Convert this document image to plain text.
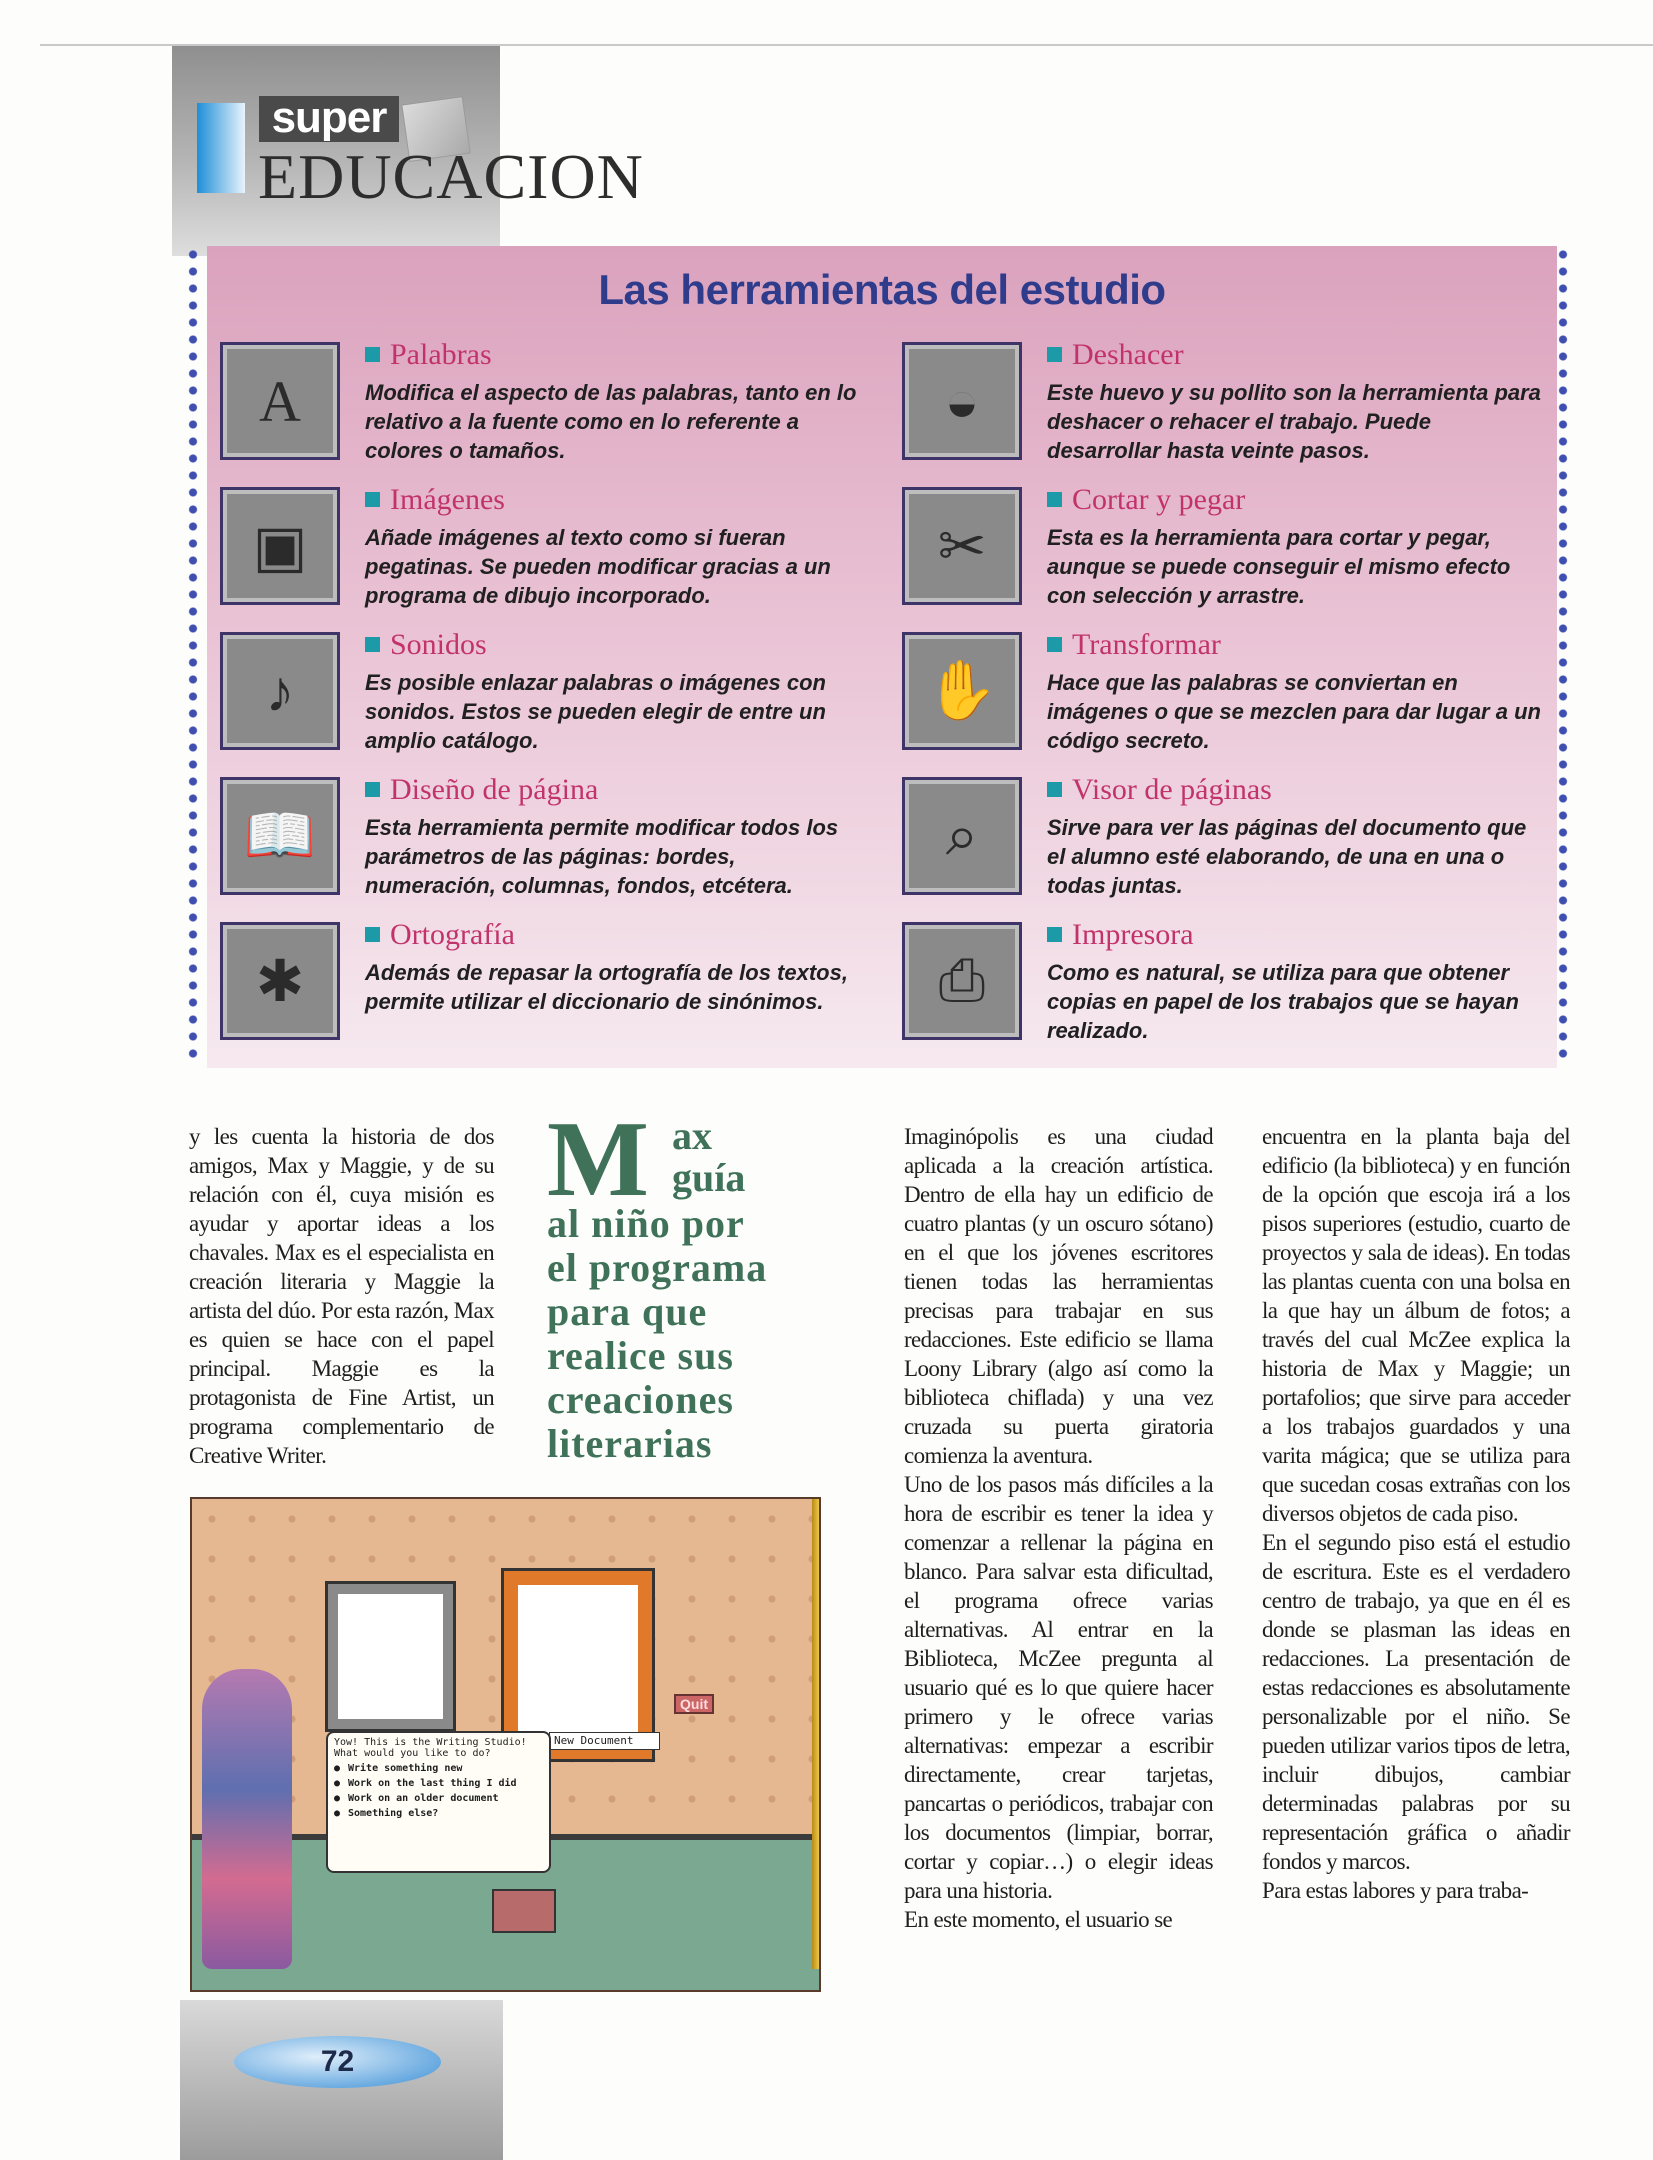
super
EDUCACION
Las herramientas del estudio
A
Palabras
Modifica el aspecto de las palabras, tanto en lo relativo a la fuente como en lo referente a colores o tamaños.
▣
Imágenes
Añade imágenes al texto como si fueran pegatinas. Se pueden modificar gracias a un programa de dibujo incorporado.
♪
Sonidos
Es posible enlazar palabras o imágenes con sonidos. Estos se pueden elegir de entre un amplio catálogo.
📖
Diseño de página
Esta herramienta permite modificar todos los parámetros de las páginas: bordes, numeración, columnas, fondos, etcétera.
✱
Ortografía
Además de repasar la ortografía de los textos, permite utilizar el diccionario de sinónimos.
◒
Deshacer
Este huevo y su pollito son la herramienta para deshacer o rehacer el trabajo. Puede desarrollar hasta veinte pasos.
✂
Cortar y pegar
Esta es la herramienta para cortar y pegar, aunque se puede conseguir el mismo efecto con selección y arrastre.
✋
Transformar
Hace que las palabras se conviertan en imágenes o que se mezclen para dar lugar a un código secreto.
⌕
Visor de páginas
Sirve para ver las páginas del documento que el alumno esté elaborando, de una en una o todas juntas.
⎙
Impresora
Como es natural, se utiliza para que obtener copias en papel de los trabajos que se hayan realizado.

y les cuenta la historia de dos amigos, Max y Maggie, y de su relación con él, cuya misión es ayudar y aportar ideas a los chavales. Max es el especialista en creación literaria y Maggie la artista del dúo. Por esta razón, Max es quien se hace con el papel principal. Maggie es la protagonista de Fine Artist, un programa complementario de Creative Writer.

M ax
guía
al niño por
el programa
para que
realice sus
creaciones
literarias

Imaginópolis es una ciudad aplicada a la creación artística. Dentro de ella hay un edificio de cuatro plantas (y un oscuro sótano) en el que los jóvenes escritores tienen todas las herramientas precisas para trabajar en sus redacciones. Este edificio se llama Loony Library (algo así como la biblioteca chiflada) y una vez cruzada su puerta giratoria comienza la aventura.

Uno de los pasos más difíciles a la hora de escribir es tener la idea y comenzar a rellenar la página en blanco. Para salvar esta dificultad, el programa ofrece varias alternativas. Al entrar en la Biblioteca, McZee pregunta al usuario qué es lo que quiere hacer primero y le ofrece varias alternativas: empezar a escribir directamente, crear tarjetas, pancartas o periódicos, trabajar con los documentos (limpiar, borrar, cortar y copiar…) o elegir ideas para una historia.

En este momento, el usuario se

encuentra en la planta baja del edificio (la biblioteca) y en función de la opción que escoja irá a los pisos superiores (estudio, cuarto de proyectos y sala de ideas). En todas las plantas cuenta con una bolsa en la que hay un álbum de fotos; a través del cual McZee explica la historia de Max y Maggie; un portafolios; que sirve para acceder a los trabajos guardados y una varita mágica; que se utiliza para que sucedan cosas extrañas con los diversos objetos de cada piso.

En el segundo piso está el estudio de escritura. Este es el verdadero centro de trabajo, ya que en él es donde se plasman las ideas en redacciones. La presentación de estas redacciones es absolutamente personalizable por el niño. Se pueden utilizar varios tipos de letra, incluir dibujos, cambiar determinadas palabras por su representación gráfica o añadir fondos y marcos.

Para estas labores y para traba-

Quit
New Document
Yow! This is the Writing Studio! What would you like to do?
● Write something new
● Work on the last thing I did
● Work on an older document
● Something else?
72
